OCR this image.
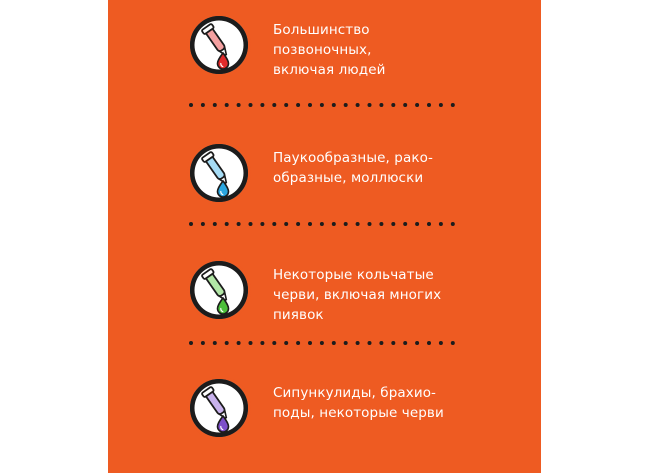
Большинство
позвоночных,
включая людей
Паукообразные, рако-
образные, моллюски
Некоторые кольчатые
черви, включая многих
пиявок
Сипункулиды, брахио-
поды, некоторые черви
